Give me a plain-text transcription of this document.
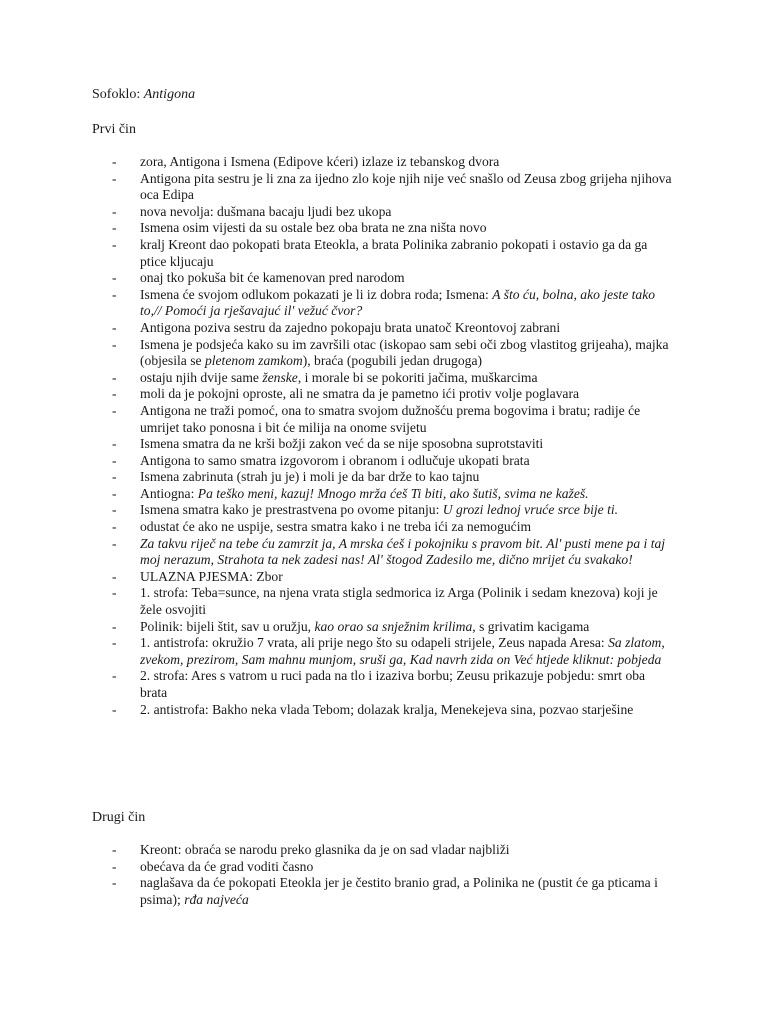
Sofoklo: Antigona
Prvi čin
- zora, Antigona i Ismena (Edipove kćeri) izlaze iz tebanskog dvora
- Antigona pita sestru je li zna za ijedno zlo koje njih nije već snašlo od Zeusa zbog grijeha njihova oca Edipa
- nova nevolja: dušmana bacaju ljudi bez ukopa
- Ismena osim vijesti da su ostale bez oba brata ne zna ništa novo
- kralj Kreont dao pokopati brata Eteokla, a brata Polinika zabranio pokopati i ostavio ga da ga ptice kljucaju
- onaj tko pokuša bit će kamenovan pred narodom
- Ismena će svojom odlukom pokazati je li iz dobra roda; Ismena: A što ću, bolna, ako jeste tako to,// Pomoći ja rješavajuć il' vežuć čvor?
- Antigona poziva sestru da zajedno pokopaju brata unatoč Kreontovoj zabrani
- Ismena je podsjeća kako su im završili otac (iskopao sam sebi oči zbog vlastitog grijeaha), majka (objesila se pletenom zamkom), braća (pogubili jedan drugoga)
- ostaju njih dvije same ženske, i morale bi se pokoriti jačima, muškarcima
- moli da je pokojni oproste, ali ne smatra da je pametno ići protiv volje poglavara
- Antigona ne traži pomoć, ona to smatra svojom dužnošću prema bogovima i bratu; radije će umrijet tako ponosna i bit će milija na onome svijetu
- Ismena smatra da ne krši božji zakon već da se nije sposobna suprotstaviti
- Antigona to samo smatra izgovorom i obranom i odlučuje ukopati brata
- Ismena zabrinuta (strah ju je) i moli je da bar drže to kao tajnu
- Antiogna: Pa teško meni, kazuj! Mnogo mrža ćeš Ti biti, ako šutiš, svima ne kažeš.
- Ismena smatra kako je prestrastvena po ovome pitanju: U grozi lednoj vruće srce bije ti.
- odustat će ako ne uspije, sestra smatra kako i ne treba ići za nemogućim
- Za takvu riječ na tebe ću zamrzit ja, A mrska ćeš i pokojniku s pravom bit. Al' pusti mene pa i taj moj nerazum, Strahota ta nek zadesi nas! Al' štogod Zadesilo me, dično mrijet ću svakako!
- ULAZNA PJESMA: Zbor
- 1. strofa: Teba=sunce, na njena vrata stigla sedmorica iz Arga (Polinik i sedam knezova) koji je žele osvojiti
- Polinik: bijeli štit, sav u oružju, kao orao sa snježnim krilima, s grivatim kacigama
- 1. antistrofa: okružio 7 vrata, ali prije nego što su odapeli strijele, Zeus napada Aresa: Sa zlatom, zvekom, prezirom, Sam mahnu munjom, sruši ga, Kad navrh zida on Već htjede kliknut: pobjeda
- 2. strofa: Ares s vatrom u ruci pada na tlo i izaziva borbu; Zeusu prikazuje pobjedu: smrt oba brata
- 2. antistrofa: Bakho neka vlada Tebom; dolazak kralja, Menekejeva sina, pozvao starješine
Drugi čin
- Kreont: obraća se narodu preko glasnika da je on sad vladar najbliži
- obećava da će grad voditi časno
- naglašava da će pokopati Eteokla jer je čestito branio grad, a Polinika ne (pustit će ga pticama i psima); rđa najveća
